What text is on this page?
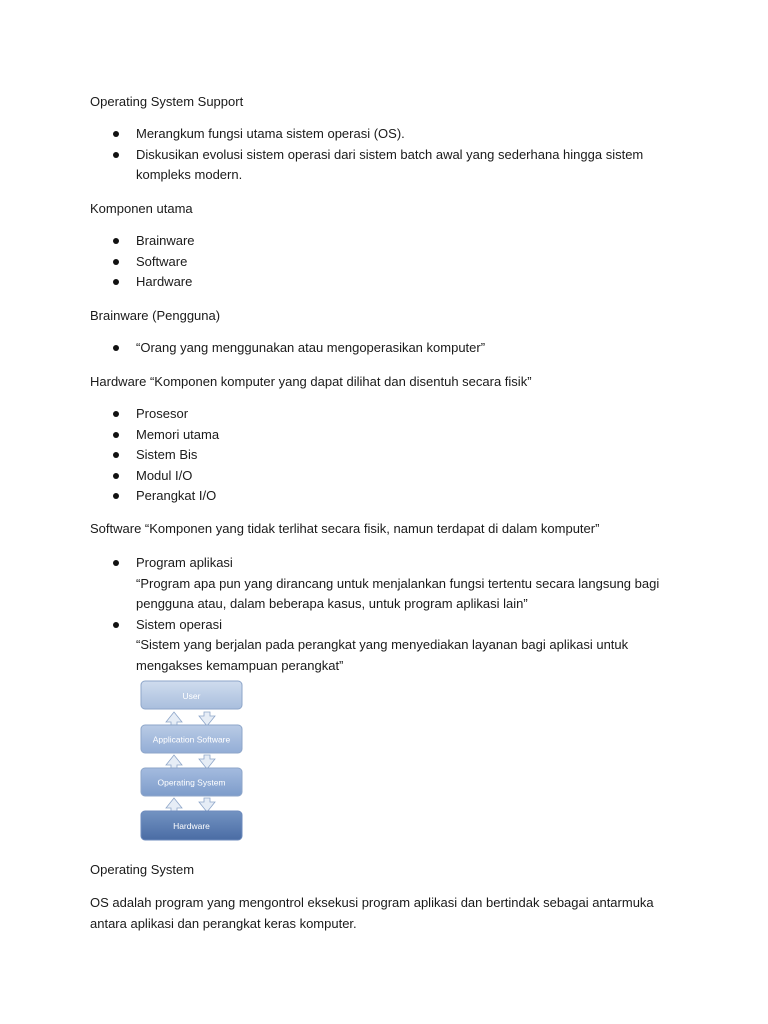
Operating System Support

Merangkum fungsi utama sistem operasi (OS).
Diskusikan evolusi sistem operasi dari sistem batch awal yang sederhana hingga sistem kompleks modern.

Komponen utama

Brainware
Software
Hardware

Brainware (Pengguna)

“Orang yang menggunakan atau mengoperasikan komputer”

Hardware “Komponen komputer yang dapat dilihat dan disentuh secara fisik”

Prosesor
Memori utama
Sistem Bis
Modul I/O
Perangkat I/O

Software “Komponen yang tidak terlihat secara fisik, namun terdapat di dalam komputer”

Program aplikasi
“Program apa pun yang dirancang untuk menjalankan fungsi tertentu secara langsung bagi pengguna atau, dalam beberapa kasus, untuk program aplikasi lain”
Sistem operasi
“Sistem yang berjalan pada perangkat yang menyediakan layanan bagi aplikasi untuk mengakses kemampuan perangkat”
User
Application Software
Operating System
Hardware

Operating System

OS adalah program yang mengontrol eksekusi program aplikasi dan bertindak sebagai antarmuka antara aplikasi dan perangkat keras komputer.
